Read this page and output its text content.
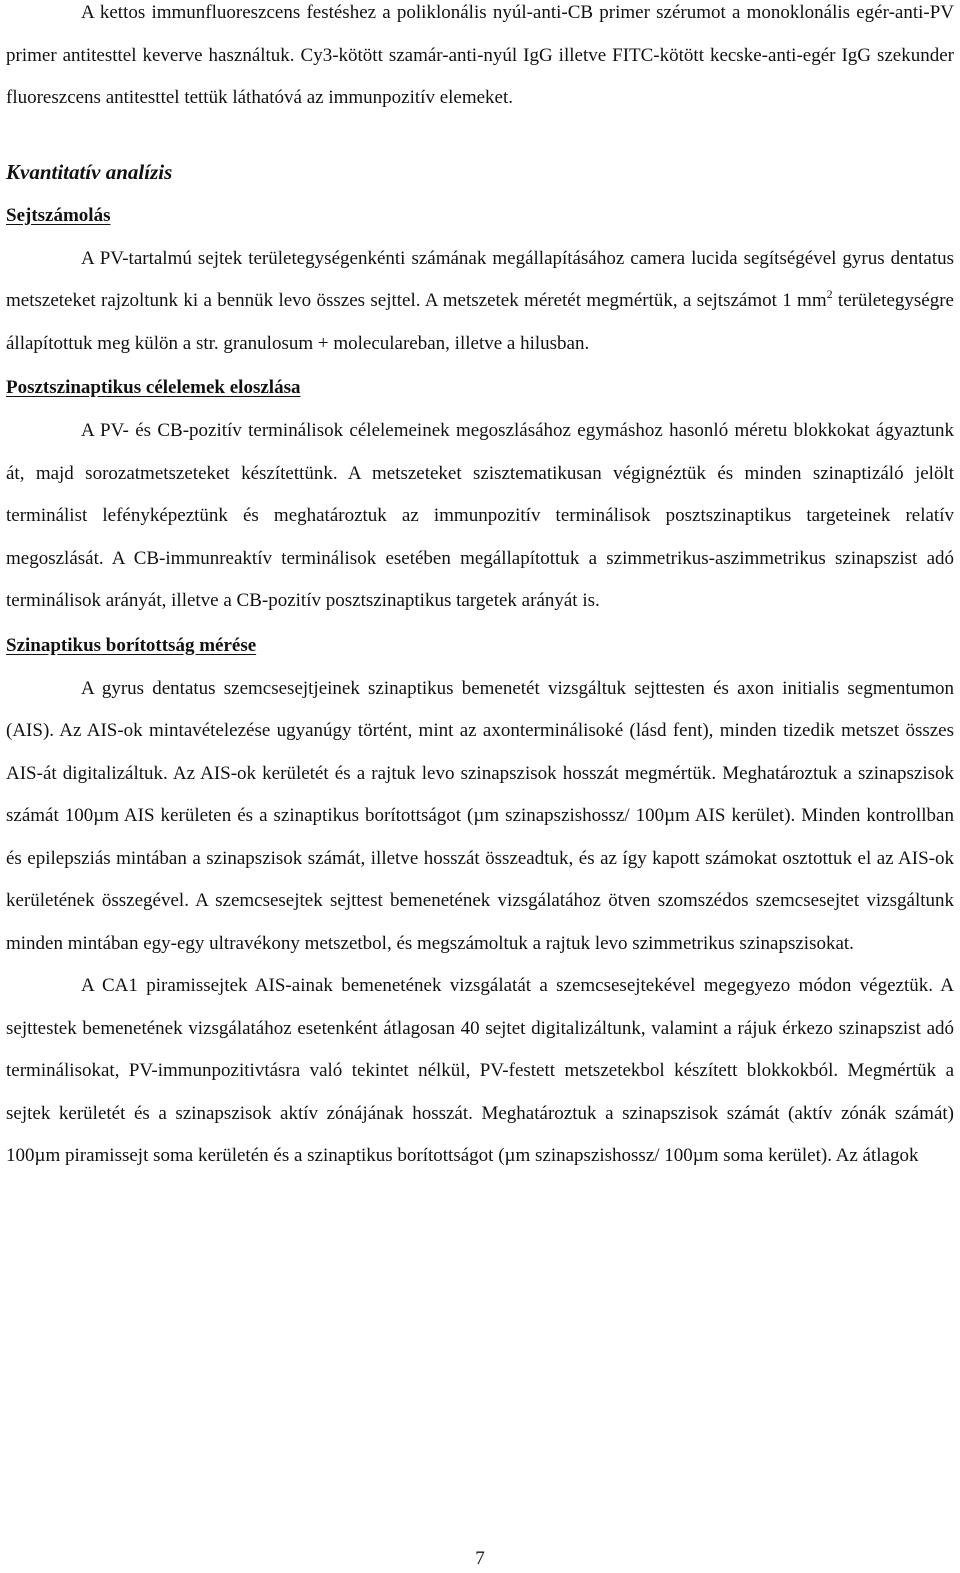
A kettos immunfluoreszcens festéshez a poliklonális nyúl-anti-CB primer szérumot a monoklonális egér-anti-PV primer antitesttel keverve használtuk. Cy3-kötött szamár-anti-nyúl IgG illetve FITC-kötött kecske-anti-egér IgG szekunder fluoreszcens antitesttel tettük láthatóvá az immunpozitív elemeket.

Kvantitatív analízis
Sejtszámolás

A PV-tartalmú sejtek területegységenkénti számának megállapításához camera lucida segítségével gyrus dentatus metszeteket rajzoltunk ki a bennük levo összes sejttel. A metszetek méretét megmértük, a sejtszámot 1 $mm^2$ területegységre állapítottuk meg külön a str. granulosum + moleculareban, illetve a hilusban.

Posztszinaptikus célelemek eloszlása

A PV- és CB-pozitív terminálisok célelemeinek megoszlásához egymáshoz hasonló méretu blokkokat ágyaztunk át, majd sorozatmetszeteket készítettünk. A metszeteket szisztematikusan végignéztük és minden szinaptizáló jelölt terminálist lefényképeztünk és meghatároztuk az immunpozitív terminálisok posztszinaptikus targeteinek relatív megoszlását. A CB-immunreaktív terminálisok esetében megállapítottuk a szimmetrikus-aszimmetrikus szinapszist adó terminálisok arányát, illetve a CB-pozitív posztszinaptikus targetek arányát is.

Szinaptikus borítottság mérése

A gyrus dentatus szemcsesejtjeinek szinaptikus bemenetét vizsgáltuk sejttesten és axon initialis segmentumon (AIS). Az AIS-ok mintavételezése ugyanúgy történt, mint az axonterminálisoké (lásd fent), minden tizedik metszet összes AIS-át digitalizáltuk. Az AIS-ok kerületét és a rajtuk levo szinapszisok hosszát megmértük. Meghatároztuk a szinapszisok számát 100µm AIS kerületen és a szinaptikus borítottságot (µm szinapszishossz/ 100µm AIS kerület). Minden kontrollban és epilepsziás mintában a szinapszisok számát, illetve hosszát összeadtuk, és az így kapott számokat osztottuk el az AIS-ok kerületének összegével. A szemcsesejtek sejttest bemenetének vizsgálatához ötven szomszédos szemcsesejtet vizsgáltunk minden mintában egy-egy ultravékony metszetbol, és megszámoltuk a rajtuk levo szimmetrikus szinapszisokat.

A CA1 piramissejtek AIS-ainak bemenetének vizsgálatát a szemcsesejtekével megegyezo módon végeztük. A sejttestek bemenetének vizsgálatához esetenként átlagosan 40 sejtet digitalizáltunk, valamint a rájuk érkezo szinapszist adó terminálisokat, PV-immunpozitivtásra való tekintet nélkül, PV-festett metszetekbol készített blokkokból. Megmértük a sejtek kerületét és a szinapszisok aktív zónájának hosszát. Meghatároztuk a szinapszisok számát (aktív zónák számát) 100µm piramissejt soma kerületén és a szinaptikus borítottságot (µm szinapszishossz/ 100µm soma kerület). Az átlagok

7
